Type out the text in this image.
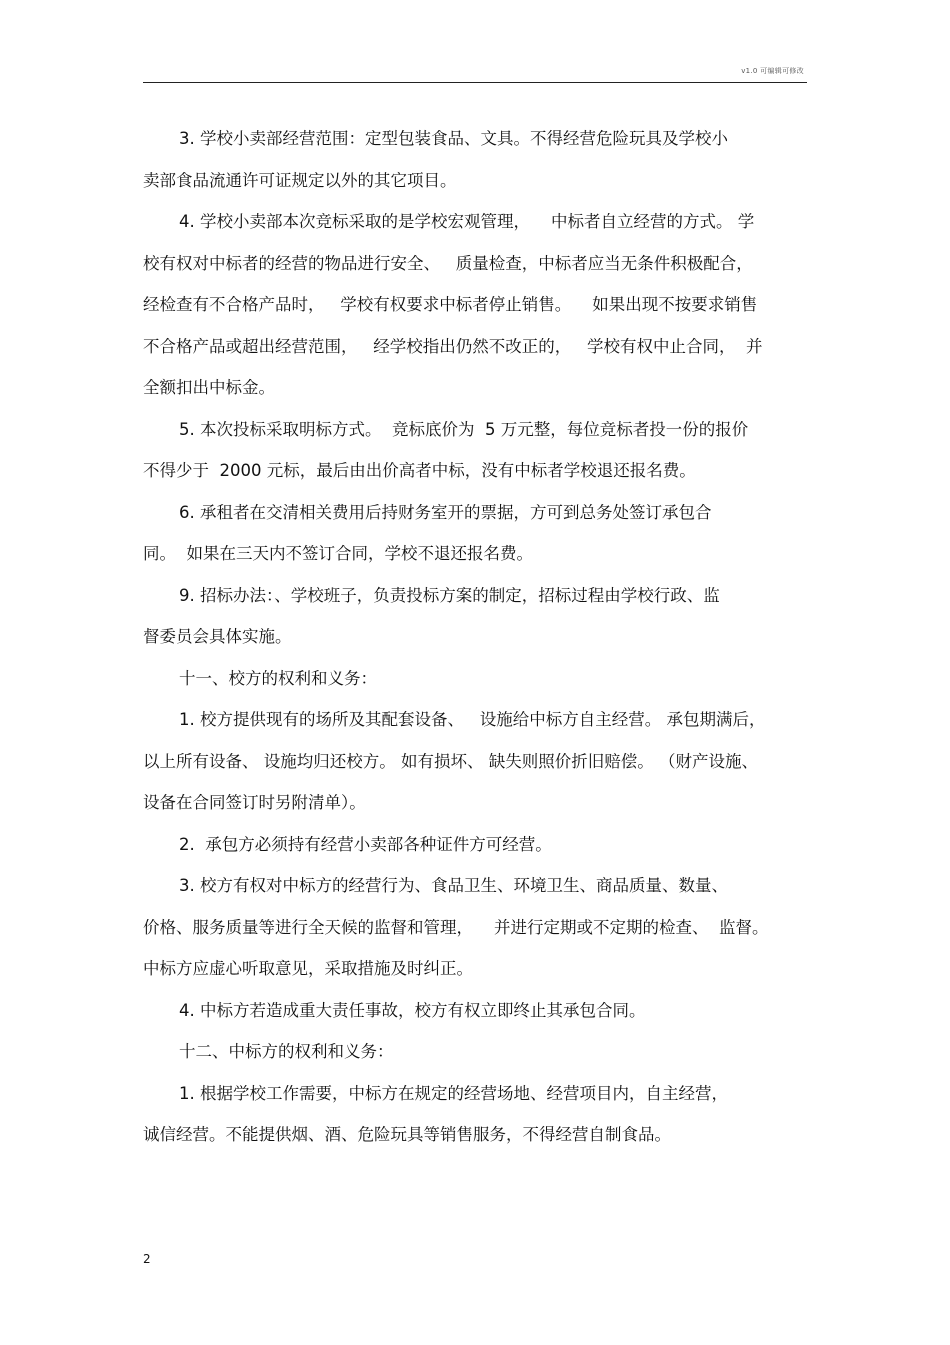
v1.0 可编辑可修改
3. 学校小卖部经营范围：定型包装食品、文具。不得经营危险玩具及学校小
卖部食品流通许可证规定以外的其它项目。
4. 学校小卖部本次竞标采取的是学校宏观管理，    中标者自立经营的方式。 学
校有权对中标者的经营的物品进行安全、   质量检查，中标者应当无条件积极配合，
经检查有不合格产品时，   学校有权要求中标者停止销售。    如果出现不按要求销售
不合格产品或超出经营范围，   经学校指出仍然不改正的，   学校有权中止合同，  并
全额扣出中标金。
5. 本次投标采取明标方式。  竞标底价为  5 万元整，每位竞标者投一份的报价
不得少于  2000 元标，最后由出价高者中标，没有中标者学校退还报名费。
6. 承租者在交清相关费用后持财务室开的票据，方可到总务处签订承包合
同。  如果在三天内不签订合同，学校不退还报名费。
9. 招标办法：、学校班子，负责投标方案的制定，招标过程由学校行政、监
督委员会具体实施。
十一、校方的权利和义务：
1. 校方提供现有的场所及其配套设备、   设施给中标方自主经营。 承包期满后，
以上所有设备、 设施均归还校方。 如有损坏、 缺失则照价折旧赔偿。 （财产设施、
设备在合同签订时另附清单）。
2.  承包方必须持有经营小卖部各种证件方可经营。
3. 校方有权对中标方的经营行为、食品卫生、环境卫生、商品质量、数量、
价格、服务质量等进行全天候的监督和管理，    并进行定期或不定期的检查、  监督。
中标方应虚心听取意见，采取措施及时纠正。
4. 中标方若造成重大责任事故，校方有权立即终止其承包合同。
十二、中标方的权利和义务：
1. 根据学校工作需要，中标方在规定的经营场地、经营项目内，自主经营，
诚信经营。不能提供烟、酒、危险玩具等销售服务，不得经营自制食品。
2
